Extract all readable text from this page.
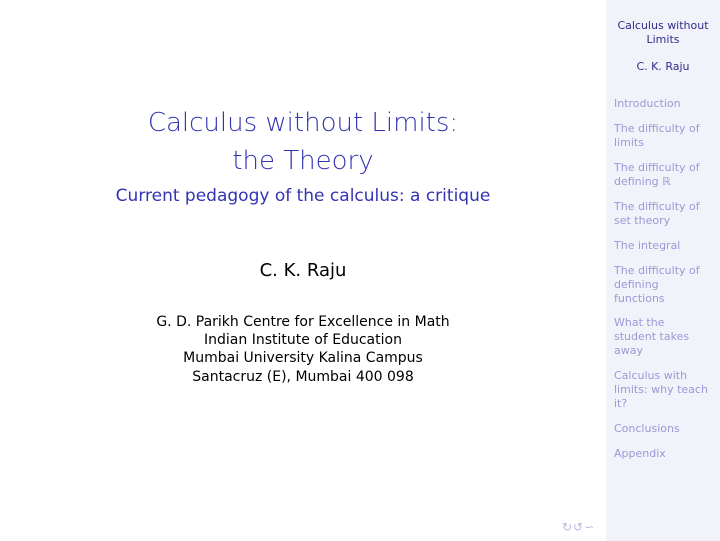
Calculus without Limits:
the Theory
Current pedagogy of the calculus: a critique
C. K. Raju
G. D. Parikh Centre for Excellence in Math
Indian Institute of Education
Mumbai University Kalina Campus
Santacruz (E), Mumbai 400 098
Calculus without
Limits
C. K. Raju
Introduction
The difficulty of
limits
The difficulty of
defining ℝ
The difficulty of
set theory
The integral
The difficulty of
defining
functions
What the
student takes
away
Calculus with
limits: why teach
it?
Conclusions
Appendix
↻↺∽
